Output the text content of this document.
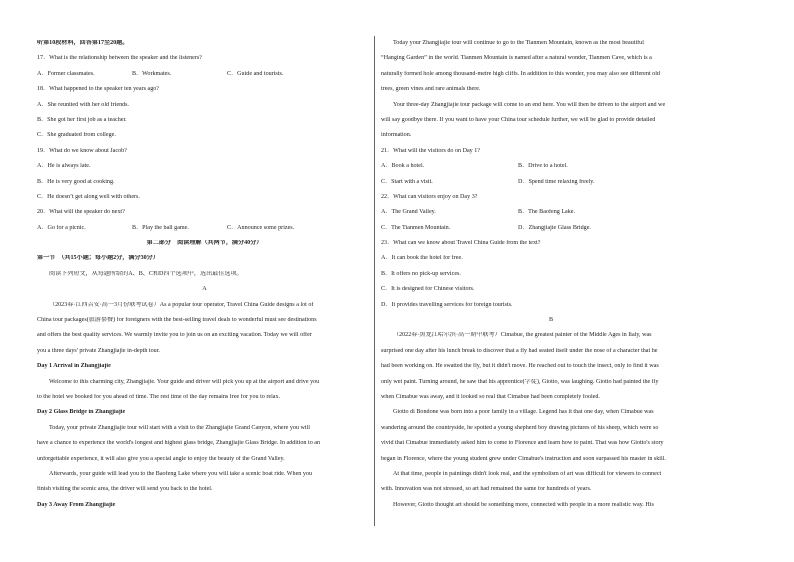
听第10段材料，回答第17至20题。
17．What is the relationship between the speaker and the listeners?
A．Former classmates.	B．Workmates.	C．Guide and tourists.
18．What happened to the speaker ten years ago?
A．She reunited with her old friends.
B．She got her first job as a teacher.
C．She graduated from college.
19．What do we know about Jacob?
A．He is always late.
B．He is very good at cooking.
C．He doesn’t get along well with others.
20．What will the speaker do next?
A．Go for a picnic.	B．Play the ball game.	C．Announce some prizes.
第二部分　阅读理解（共两节，满分40分）
第一节　（共15小题；每小题2分，满分30分）
阅读下列短文，从每题所给的A、B、C和D四个选项中，选出最佳选项。
A
（2023春·江西吉安·高一3月份联考试卷）As a popular tour operator, Travel China Guide designs a lot of
China tour packages(旅游套餐) for foreigners with the best-selling travel deals to wonderful must see destinations
and offers the best quality services. We warmly invite you to join us on an exciting vacation. Today we will offer
you a three days' private Zhangjiajie in-depth tour.
Day 1 Arrival in Zhangjiajie
Welcome to this charming city, Zhangjiajie. Your guide and driver will pick you up at the airport and drive you
to the hotel we booked for you ahead of time. The rest time of the day remains free for you to relax.
Day 2 Glass Bridge in Zhangjiajie
Today, your private Zhangjiajie tour will start with a visit to the Zhangjiajie Grand Canyon, where you will
have a chance to experience the world's longest and highest glass bridge, Zhangjiajie Glass Bridge. In addition to an
unforgettable experience, it will also give you a special angle to enjoy the beauty of the Grand Valley.
Afterwards, your guide will lead you to the Baofeng Lake where you will take a scenic boat ride. When you
finish visiting the scenic area, the driver will send you back to the hotel.
Day 3 Away From Zhangjiajie
Today your Zhangjiajie tour will continue to go to the Tianmen Mountain, known as the most beautiful
“Hanging Garden” in the world. Tianmen Mountain is named after a natural wonder, Tianmen Cave, which is a
naturally formed hole among thousand-metre high cliffs. In addition to this wonder, you may also see different old
trees, green vines and rare animals there.
Your three-day Zhangjiajie tour package will come to an end here. You will then be driven to the airport and we
will say goodbye there. If you want to have your China tour schedule further, we will be glad to provide detailed
information.
21．What will the visitors do on Day 1?
A．Book a hotel.	B．Drive to a hotel.
C．Start with a visit.	D．Spend time relaxing freely.
22．What can visitors enjoy on Day 3?
A．The Grand Valley.	B．The Baofeng Lake.
C．The Tianmen Mountain.	D．Zhangjiajie Glass Bridge.
23．What can we know about Travel China Guide from the text?
A．It can book the hotel for free.
B．It offers no pick-up services.
C．It is designed for Chinese visitors.
D．It provides travelling services for foreign tourists.
B
（2022春·黑龙江哈尔滨·高一期中联考）Cimabue, the greatest painter of the Middle Ages in Italy, was
surprised one day after his lunch break to discover that a fly had seated itself under the nose of a character that he
had been working on. He swatted the fly, but it didn't move. He reached out to touch the insect, only to find it was
only wet paint. Turning around, he saw that his apprentice(学徒), Giotto, was laughing. Giotto had painted the fly
when Cimabue was away, and it looked so real that Cimabue had been completely fooled.
Giotto di Bondone was born into a poor family in a village. Legend has it that one day, when Cimabue was
wandering around the countryside, he spotted a young shepherd boy drawing pictures of his sheep, which were so
vivid that Cimabue immediately asked him to come to Florence and learn how to paint. That was how Giotto's story
began in Florence, where the young student grew under Cimabue's instruction and soon surpassed his master in skill.
At that time, people in paintings didn't look real, and the symbolism of art was difficult for viewers to connect
with. Innovation was not stressed, so art had remained the same for hundreds of years.
However, Giotto thought art should be something more, connected with people in a more realistic way. His
